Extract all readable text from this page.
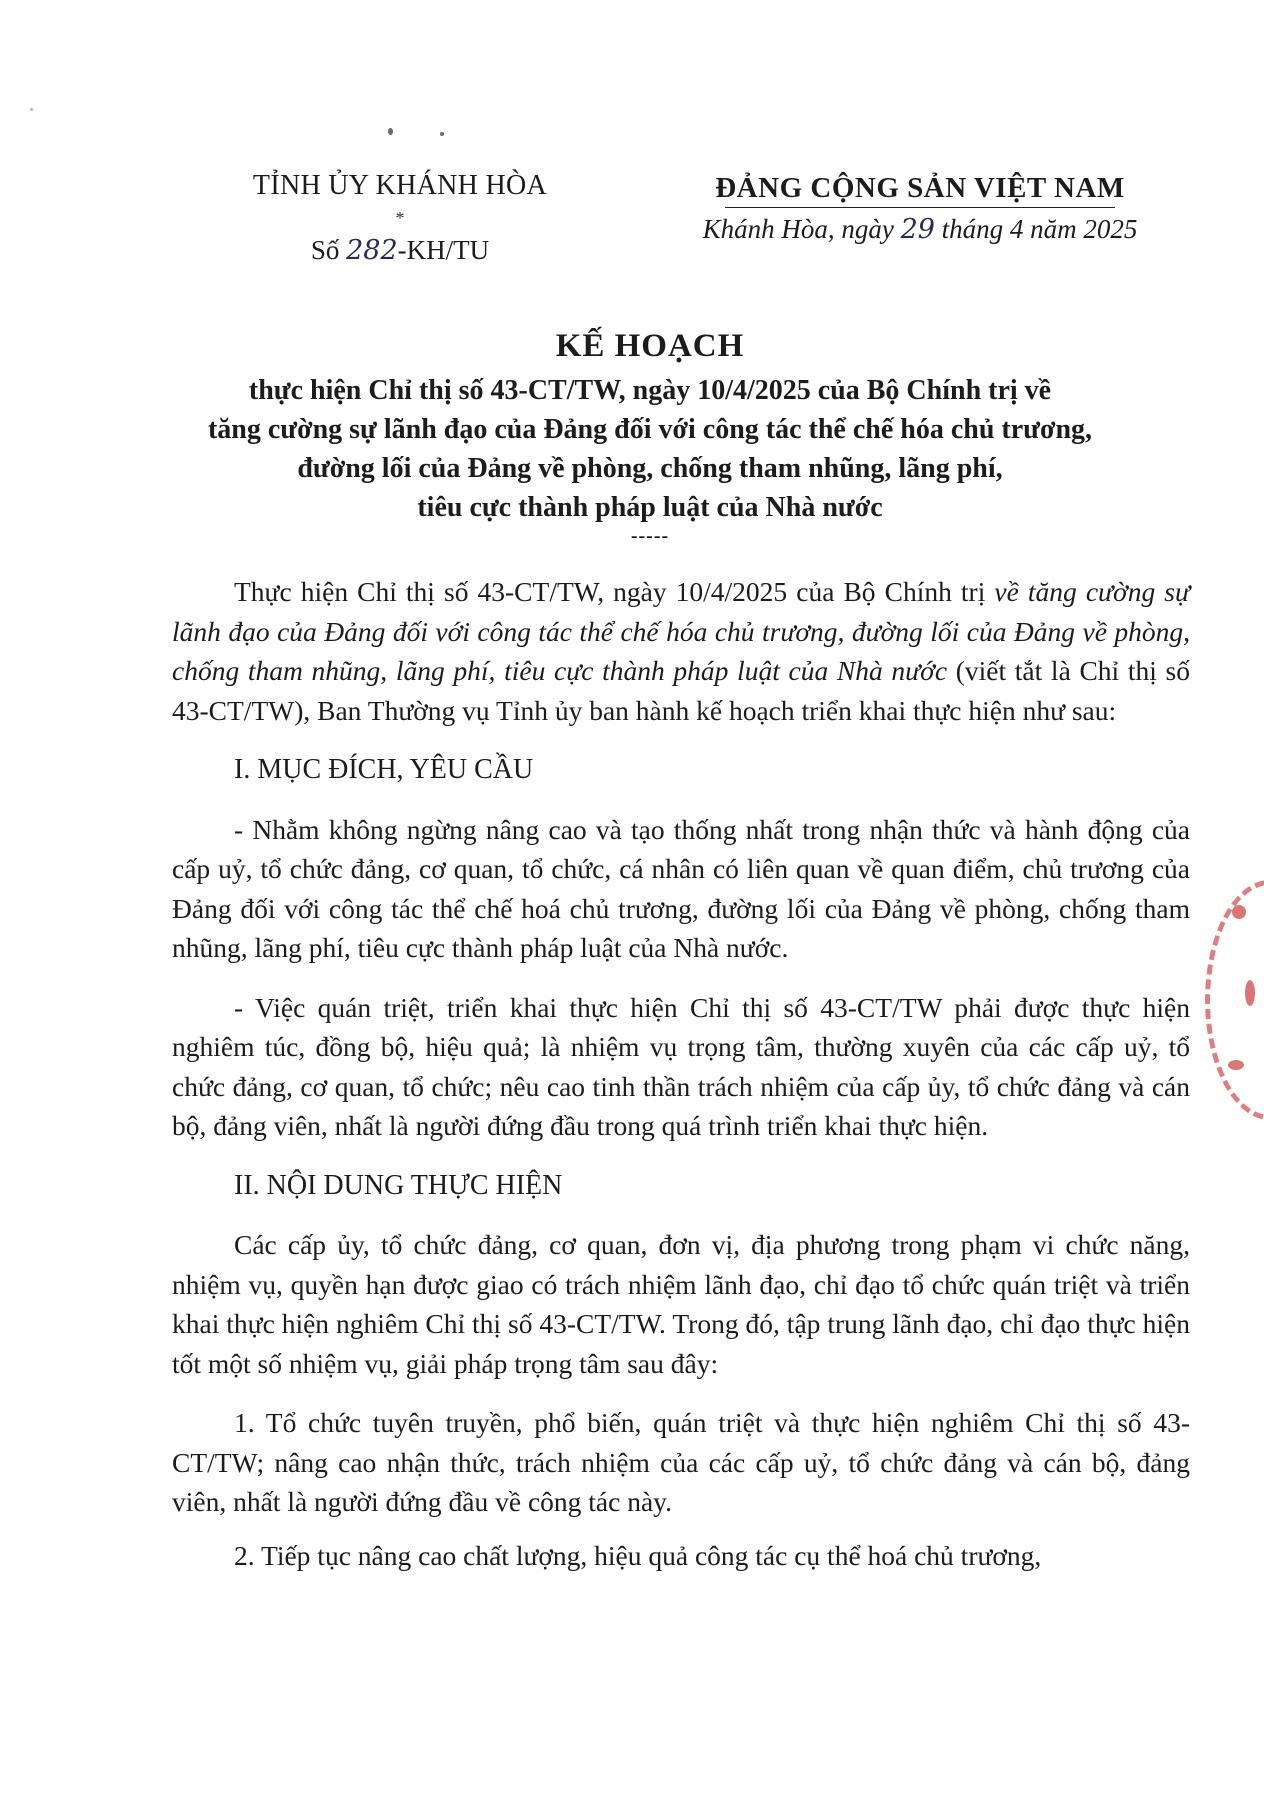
TỈNH ỦY KHÁNH HÒA
*
Số 282-KH/TU
ĐẢNG CỘNG SẢN VIỆT NAM
Khánh Hòa, ngày 29 tháng 4 năm 2025
KẾ HOẠCH
thực hiện Chỉ thị số 43-CT/TW, ngày 10/4/2025 của Bộ Chính trị về
tăng cường sự lãnh đạo của Đảng đối với công tác thể chế hóa chủ trương,
đường lối của Đảng về phòng, chống tham nhũng, lãng phí,
tiêu cực thành pháp luật của Nhà nước
-----

Thực hiện Chỉ thị số 43-CT/TW, ngày 10/4/2025 của Bộ Chính trị về tăng cường sự lãnh đạo của Đảng đối với công tác thể chế hóa chủ trương, đường lối của Đảng về phòng, chống tham nhũng, lãng phí, tiêu cực thành pháp luật của Nhà nước (viết tắt là Chỉ thị số 43-CT/TW), Ban Thường vụ Tỉnh ủy ban hành kế hoạch triển khai thực hiện như sau:

I. MỤC ĐÍCH, YÊU CẦU

- Nhằm không ngừng nâng cao và tạo thống nhất trong nhận thức và hành động của cấp uỷ, tổ chức đảng, cơ quan, tổ chức, cá nhân có liên quan về quan điểm, chủ trương của Đảng đối với công tác thể chế hoá chủ trương, đường lối của Đảng về phòng, chống tham nhũng, lãng phí, tiêu cực thành pháp luật của Nhà nước.

- Việc quán triệt, triển khai thực hiện Chỉ thị số 43-CT/TW phải được thực hiện nghiêm túc, đồng bộ, hiệu quả; là nhiệm vụ trọng tâm, thường xuyên của các cấp uỷ, tổ chức đảng, cơ quan, tổ chức; nêu cao tinh thần trách nhiệm của cấp ủy, tổ chức đảng và cán bộ, đảng viên, nhất là người đứng đầu trong quá trình triển khai thực hiện.

II. NỘI DUNG THỰC HIỆN

Các cấp ủy, tổ chức đảng, cơ quan, đơn vị, địa phương trong phạm vi chức năng, nhiệm vụ, quyền hạn được giao có trách nhiệm lãnh đạo, chỉ đạo tổ chức quán triệt và triển khai thực hiện nghiêm Chỉ thị số 43-CT/TW. Trong đó, tập trung lãnh đạo, chỉ đạo thực hiện tốt một số nhiệm vụ, giải pháp trọng tâm sau đây:

1. Tổ chức tuyên truyền, phổ biến, quán triệt và thực hiện nghiêm Chỉ thị số 43-CT/TW; nâng cao nhận thức, trách nhiệm của các cấp uỷ, tổ chức đảng và cán bộ, đảng viên, nhất là người đứng đầu về công tác này.

2. Tiếp tục nâng cao chất lượng, hiệu quả công tác cụ thể hoá chủ trương,
